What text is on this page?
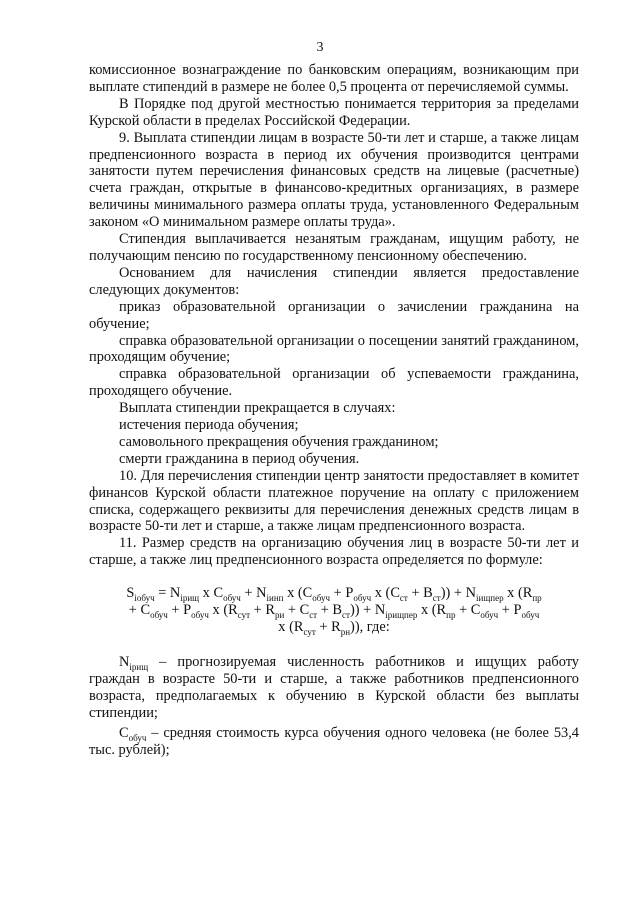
3

комиссионное вознаграждение по банковским операциям, возникающим при выплате стипендий в размере не более 0,5 процента от перечисляемой суммы.

В Порядке под другой местностью понимается территория за пределами Курской области в пределах Российской Федерации.

9. Выплата стипендии лицам в возрасте 50-ти лет и старше, а также лицам предпенсионного возраста в период их обучения производится центрами занятости путем перечисления финансовых средств на лицевые (расчетные) счета граждан, открытые в финансово-кредитных организациях, в размере величины минимального размера оплаты труда, установленного Федеральным законом «О минимальном размере оплаты труда».

Стипендия выплачивается незанятым гражданам, ищущим работу, не получающим пенсию по государственному пенсионному обеспечению.

Основанием для начисления стипендии является предоставление следующих документов:

приказ образовательной организации о зачислении гражданина на обучение;

справка образовательной организации о посещении занятий гражданином, проходящим обучение;

справка образовательной организации об успеваемости гражданина, проходящего обучение.

Выплата стипендии прекращается в случаях:

истечения периода обучения;

самовольного прекращения обучения гражданином;

смерти гражданина в период обучения.

10. Для перечисления стипендии центр занятости предоставляет в комитет финансов Курской области платежное поручение на оплату с приложением списка, содержащего реквизиты для перечисления денежных средств лицам в возрасте 50-ти лет и старше, а также лицам предпенсионного возраста.

11. Размер средств на организацию обучения лиц в возрасте 50-ти лет и старше, а также лиц предпенсионного возраста определяется по формуле:

$S_{iобуч} = N_{iрищ}$ x $C_{обуч} + N_{iинп}$ x ($C_{обуч} + P_{обуч}$ x $(C_{ст} + B_{ст})) + N_{iищпер}$ x ($R_{пр}$
+ $C_{обуч} + P_{обуч}$ x $(R_{сут} + R_{ри} + C_{ст} + B_{ст})) + N_{iрищпер}$ x ($R_{пр} + C_{обуч} + P_{обуч}$
x $(R_{сут} + R_{рн})$), где:

$N_{iрищ}$ – прогнозируемая численность работников и ищущих работу граждан в возрасте 50-ти и старше, а также работников предпенсионного возраста, предполагаемых к обучению в Курской области без выплаты стипендии;

$C_{обуч}$ – средняя стоимость курса обучения одного человека (не более 53,4 тыс. рублей);
